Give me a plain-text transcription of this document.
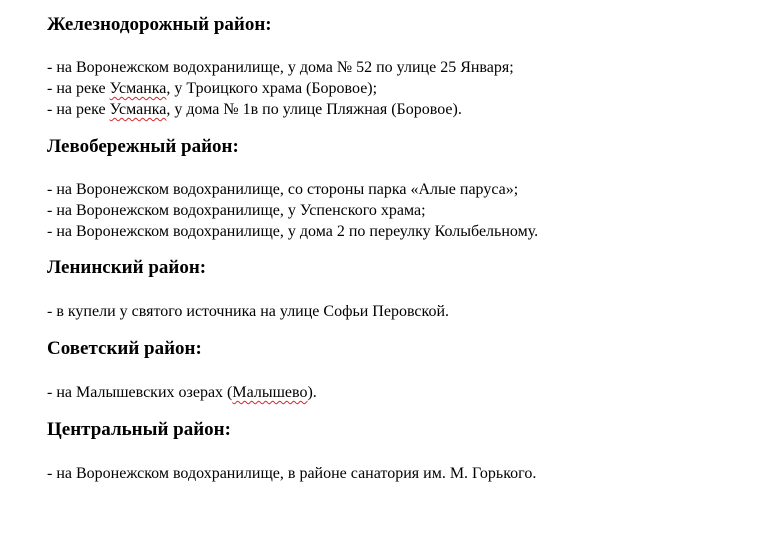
Железнодорожный район:
- на Воронежском водохранилище, у дома № 52 по улице 25 Января;
- на реке Усманка, у Троицкого храма (Боровое);
- на реке Усманка, у дома № 1в по улице Пляжная (Боровое).
Левобережный район:
- на Воронежском водохранилище, со стороны парка «Алые паруса»;
- на Воронежском водохранилище, у Успенского храма;
- на Воронежском водохранилище, у дома 2 по переулку Колыбельному.
Ленинский район:
- в купели у святого источника на улице Софьи Перовской.
Советский район:
- на Малышевских озерах (Малышево).
Центральный район:
- на Воронежском водохранилище, в районе санатория им. М. Горького.
